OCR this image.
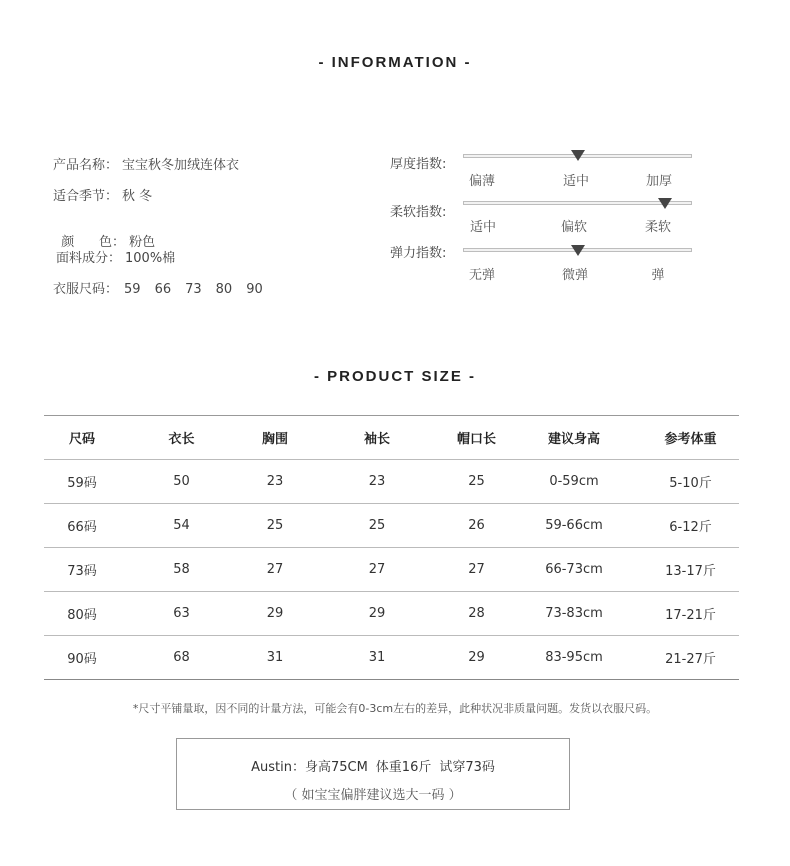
- INFORMATION -
产品名称： 宝宝秋冬加绒连体衣
适合季节： 秋 冬

颜      色： 粉色

面料成分： 100%棉
衣服尺码： 59 66 73 80 90
厚度指数:
偏薄	适中	加厚
柔软指数:
适中	偏软	柔软
弹力指数:
无弹	微弹	弹
- PRODUCT SIZE -
尺码	衣长	胸围	袖长	帽口长	建议身高	参考体重
59码	50	23	23	25	0-59cm	5-10斤
66码	54	25	25	26	59-66cm	6-12斤
73码	58	27	27	27	66-73cm	13-17斤
80码	63	29	29	28	73-83cm	17-21斤
90码	68	31	31	29	83-95cm	21-27斤
*尺寸平铺量取，因不同的计量方法，可能会有0-3cm左右的差异，此种状况非质量问题。发货以衣服尺码。
Austin：身高75CM 体重16斤 试穿73码
（ 如宝宝偏胖建议选大一码 ）
